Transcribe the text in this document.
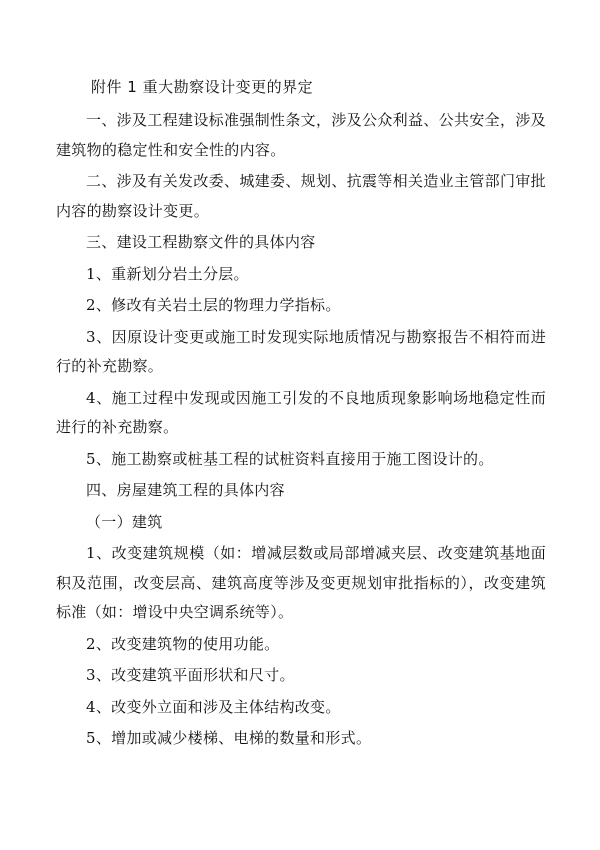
附件 1 重大勘察设计变更的界定

一、涉及工程建设标准强制性条文，涉及公众利益、公共安全，涉及建筑物的稳定性和安全性的内容。

二、涉及有关发改委、城建委、规划、抗震等相关造业主管部门审批内容的勘察设计变更。

三、建设工程勘察文件的具体内容

1、重新划分岩土分层。

2、修改有关岩土层的物理力学指标。

3、因原设计变更或施工时发现实际地质情况与勘察报告不相符而进行的补充勘察。

4、施工过程中发现或因施工引发的不良地质现象影响场地稳定性而进行的补充勘察。

5、施工勘察或桩基工程的试桩资料直接用于施工图设计的。

四、房屋建筑工程的具体内容

（一）建筑

1、改变建筑规模（如：增减层数或局部增减夹层、改变建筑基地面积及范围，改变层高、建筑高度等涉及变更规划审批指标的），改变建筑标准（如：增设中央空调系统等）。

2、改变建筑物的使用功能。

3、改变建筑平面形状和尺寸。

4、改变外立面和涉及主体结构改变。

5、增加或减少楼梯、电梯的数量和形式。
